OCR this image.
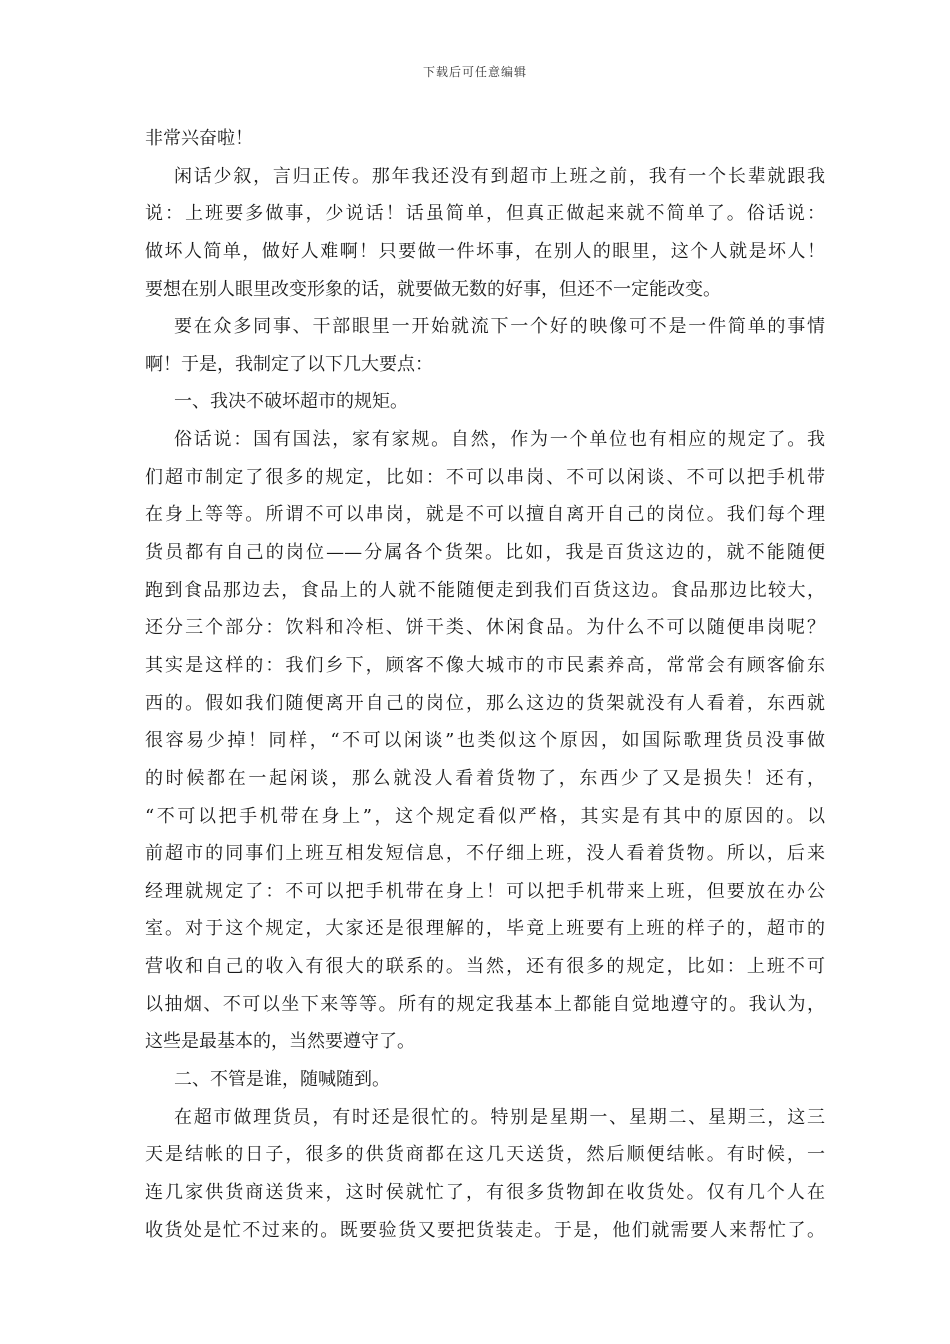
下载后可任意编辑
非常兴奋啦！
闲话少叙，言归正传。那年我还没有到超市上班之前，我有一个长辈就跟我
说：上班要多做事，少说话！话虽简单，但真正做起来就不简单了。俗话说：
做坏人简单，做好人难啊！只要做一件坏事，在别人的眼里，这个人就是坏人！
要想在别人眼里改变形象的话，就要做无数的好事，但还不一定能改变。
要在众多同事、干部眼里一开始就流下一个好的映像可不是一件简单的事情
啊！于是，我制定了以下几大要点：
一、我决不破坏超市的规矩。
俗话说：国有国法，家有家规。自然，作为一个单位也有相应的规定了。我
们超市制定了很多的规定，比如：不可以串岗、不可以闲谈、不可以把手机带
在身上等等。所谓不可以串岗，就是不可以擅自离开自己的岗位。我们每个理
货员都有自己的岗位——分属各个货架。比如，我是百货这边的，就不能随便
跑到食品那边去，食品上的人就不能随便走到我们百货这边。食品那边比较大，
还分三个部分：饮料和冷柜、饼干类、休闲食品。为什么不可以随便串岗呢？
其实是这样的：我们乡下，顾客不像大城市的市民素养高，常常会有顾客偷东
西的。假如我们随便离开自己的岗位，那么这边的货架就没有人看着，东西就
很容易少掉！同样，“不可以闲谈”也类似这个原因，如国际歌理货员没事做
的时候都在一起闲谈，那么就没人看着货物了，东西少了又是损失！还有，
“不可以把手机带在身上”，这个规定看似严格，其实是有其中的原因的。以
前超市的同事们上班互相发短信息，不仔细上班，没人看着货物。所以，后来
经理就规定了：不可以把手机带在身上！可以把手机带来上班，但要放在办公
室。对于这个规定，大家还是很理解的，毕竟上班要有上班的样子的，超市的
营收和自己的收入有很大的联系的。当然，还有很多的规定，比如：上班不可
以抽烟、不可以坐下来等等。所有的规定我基本上都能自觉地遵守的。我认为，
这些是最基本的，当然要遵守了。
二、不管是谁，随喊随到。
在超市做理货员，有时还是很忙的。特别是星期一、星期二、星期三，这三
天是结帐的日子，很多的供货商都在这几天送货，然后顺便结帐。有时候，一
连几家供货商送货来，这时侯就忙了，有很多货物卸在收货处。仅有几个人在
收货处是忙不过来的。既要验货又要把货装走。于是，他们就需要人来帮忙了。
